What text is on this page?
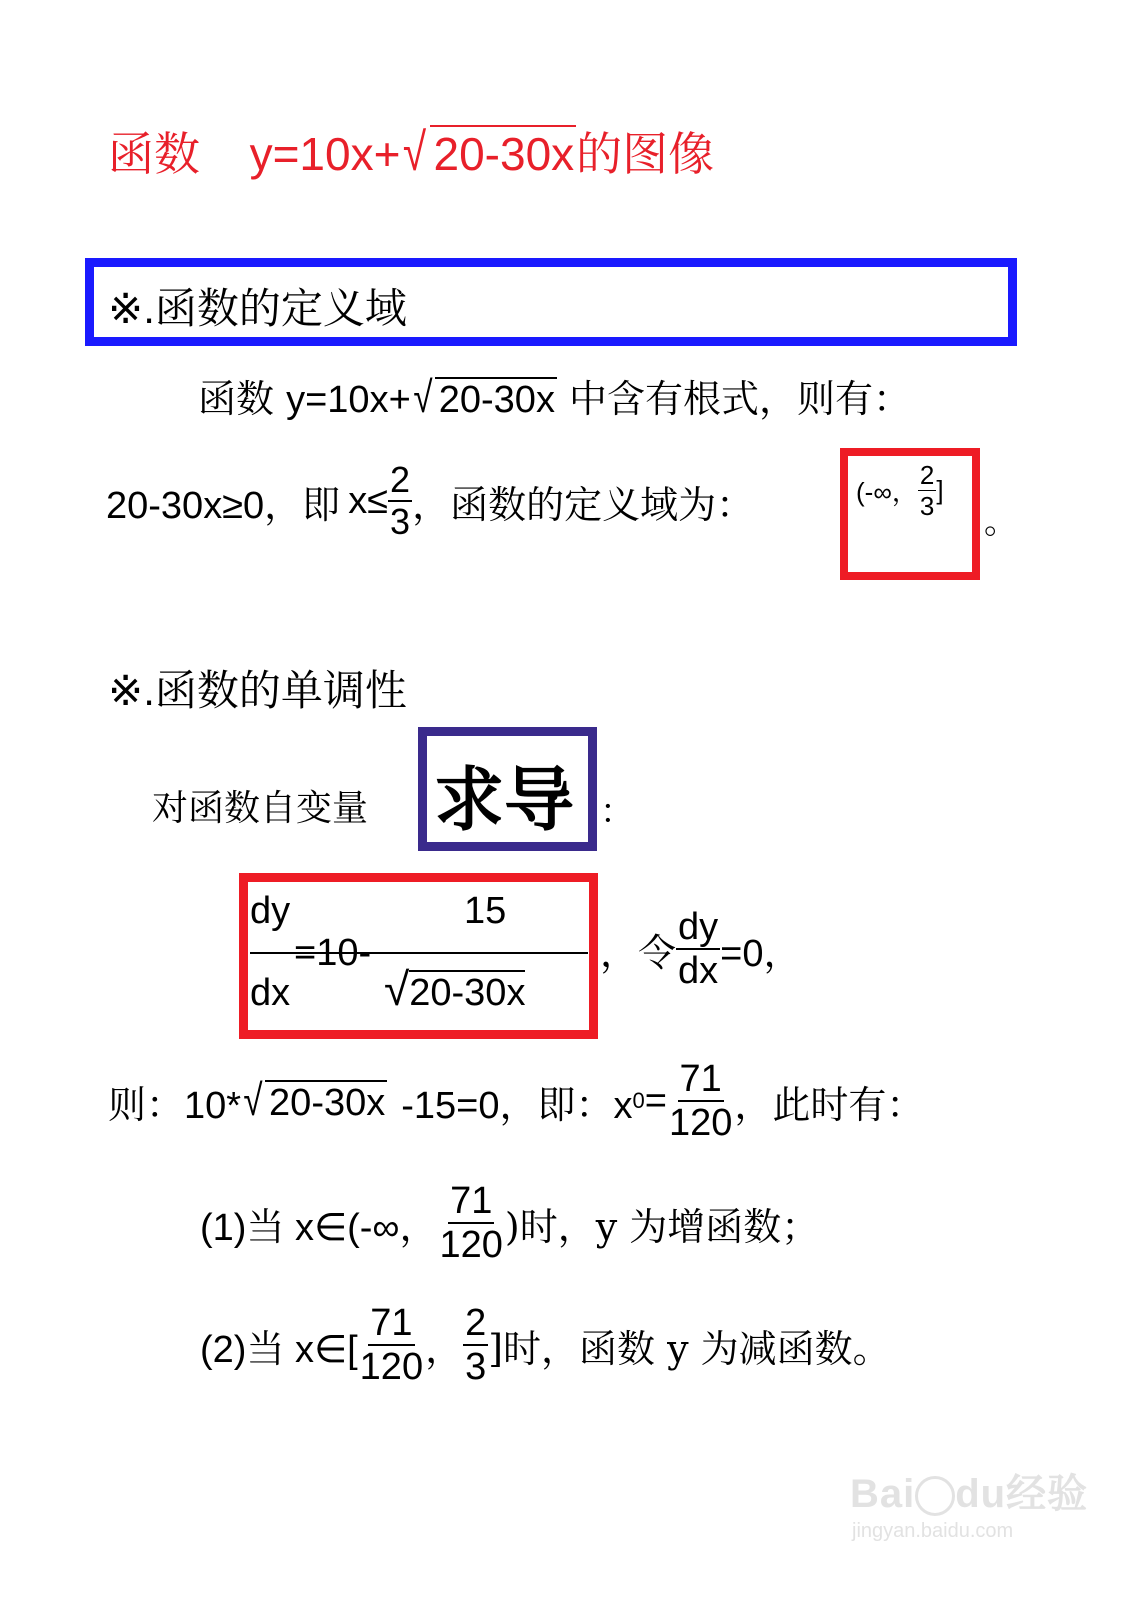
函数 y=10x+√ 20-30x的图像
※.函数的定义域
函数 y=10x+√ 20-30x 中含有根式，则有：
20-30x≥0，即 $x\le \frac{2}{3}$ ，函数的定义域为：	(-∞， $\frac{2}{3}$ ]
。
※.函数的单调性
对函数自变量 求导 ：
dy
dx
=10-
15
√20-30x
，令 $\frac{dy}{dx} =0$，
则：10* √ 20-30x -15=0，即：x $0 = \frac{71}{120}$ ，此时有：
(1)当 x∈(-∞， $\frac{71}{120}$ )时，y 为增函数；
(2)当 x∈[ $\frac{71}{120}$ ， $\frac{2}{3}$ ]时，函数 y 为减函数。
Bai du经验
jingyan.baidu.com
